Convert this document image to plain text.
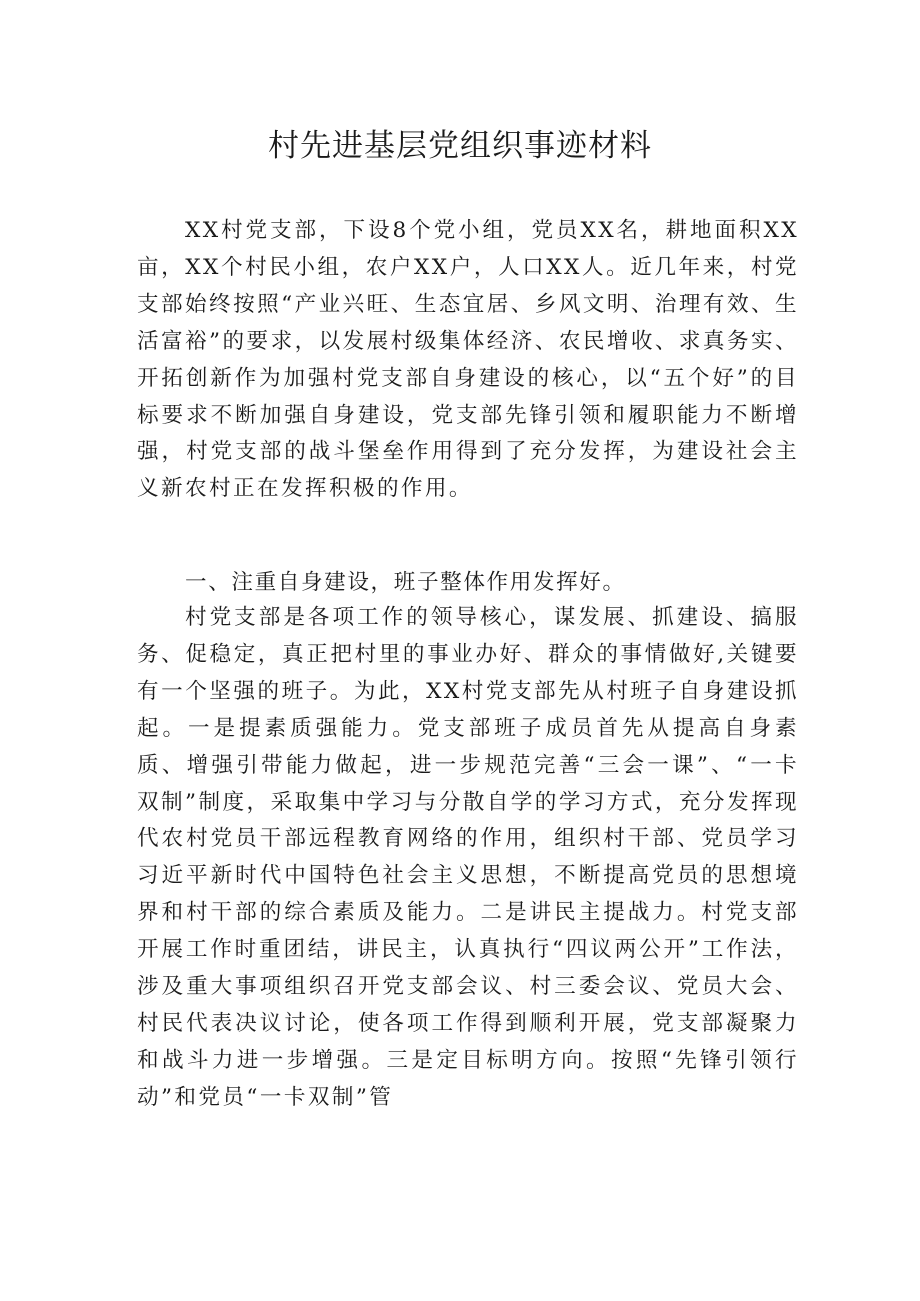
村先进基层党组织事迹材料

XX村党支部，下设8个党小组，党员XX名，耕地面积XX亩，XX个村民小组，农户XX户，人口XX人。近几年来，村党支部始终按照“产业兴旺、生态宜居、乡风文明、治理有效、生活富裕”的要求，以发展村级集体经济、农民增收、求真务实、开拓创新作为加强村党支部自身建设的核心，以“五个好”的目标要求不断加强自身建设，党支部先锋引领和履职能力不断增强，村党支部的战斗堡垒作用得到了充分发挥，为建设社会主义新农村正在发挥积极的作用。

一、注重自身建设，班子整体作用发挥好。

村党支部是各项工作的领导核心，谋发展、抓建设、搞服务、促稳定，真正把村里的事业办好、群众的事情做好,关键要有一个坚强的班子。为此，XX村党支部先从村班子自身建设抓起。一是提素质强能力。党支部班子成员首先从提高自身素质、增强引带能力做起，进一步规范完善“三会一课”、“一卡双制”制度，采取集中学习与分散自学的学习方式，充分发挥现代农村党员干部远程教育网络的作用，组织村干部、党员学习习近平新时代中国特色社会主义思想，不断提高党员的思想境界和村干部的综合素质及能力。二是讲民主提战力。村党支部开展工作时重团结，讲民主，认真执行“四议两公开”工作法，涉及重大事项组织召开党支部会议、村三委会议、党员大会、村民代表决议讨论，使各项工作得到顺利开展，党支部凝聚力和战斗力进一步增强。三是定目标明方向。按照“先锋引领行动”和党员“一卡双制”管
